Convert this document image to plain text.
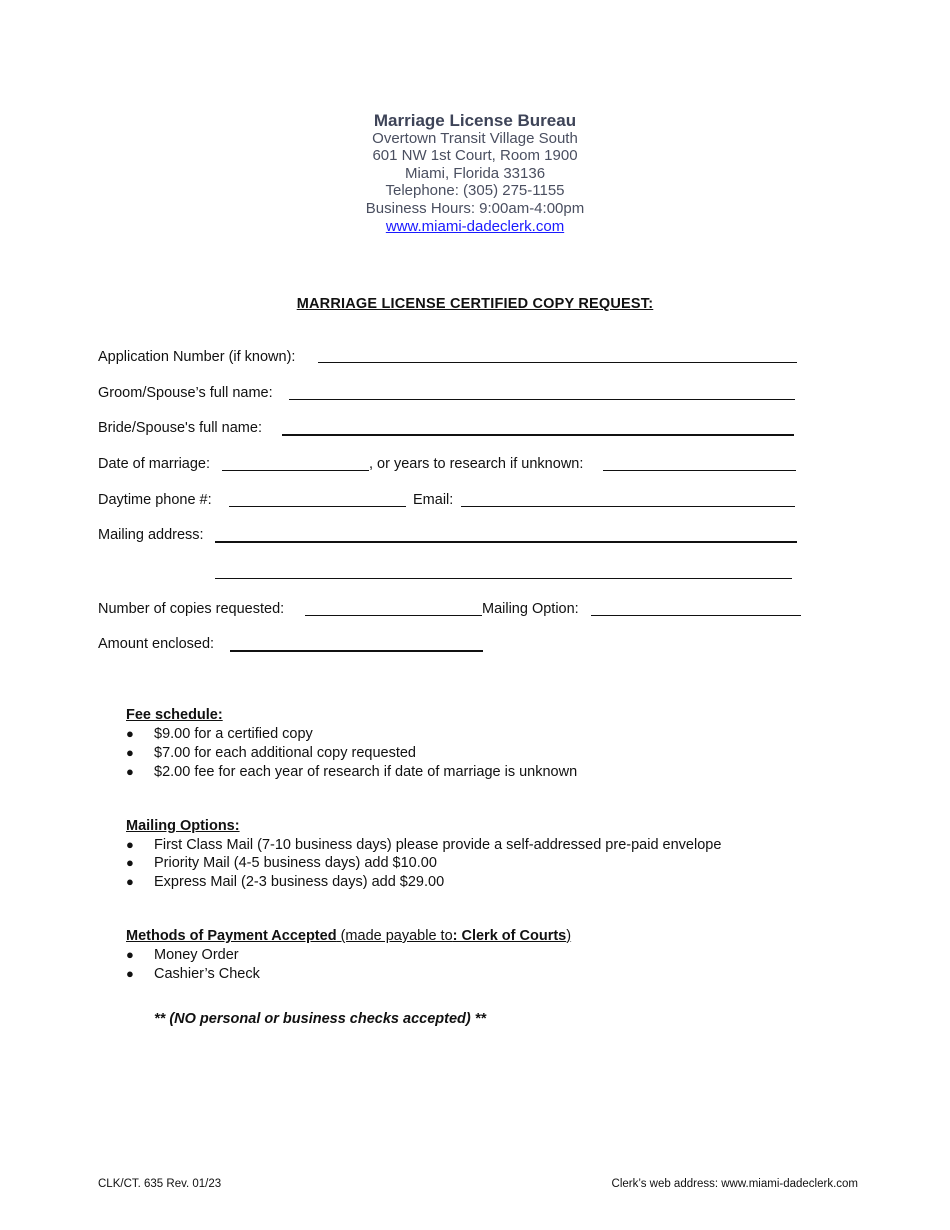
Marriage License Bureau
Overtown Transit Village South
601 NW 1st Court, Room 1900
Miami, Florida 33136
Telephone: (305) 275-1155
Business Hours: 9:00am-4:00pm
www.miami-dadeclerk.com
MARRIAGE LICENSE CERTIFIED COPY REQUEST:
Application Number (if known):
Groom/Spouse’s full name:
Bride/Spouse's full name:
Date of marriage:	, or years to research if unknown:
Daytime phone #:	Email:
Mailing address:
Number of copies requested:	Mailing Option:
Amount enclosed:
Fee schedule:
● $9.00 for a certified copy
● $7.00 for each additional copy requested
● $2.00 fee for each year of research if date of marriage is unknown
Mailing Options:
● First Class Mail (7-10 business days) please provide a self-addressed pre-paid envelope
● Priority Mail (4-5 business days) add $10.00
● Express Mail (2-3 business days) add $29.00
Methods of Payment Accepted (made payable to: Clerk of Courts)
● Money Order
● Cashier’s Check
** (NO personal or business checks accepted) **
CLK/CT. 635 Rev. 01/23	Clerk’s web address: www.miami-dadeclerk.com
